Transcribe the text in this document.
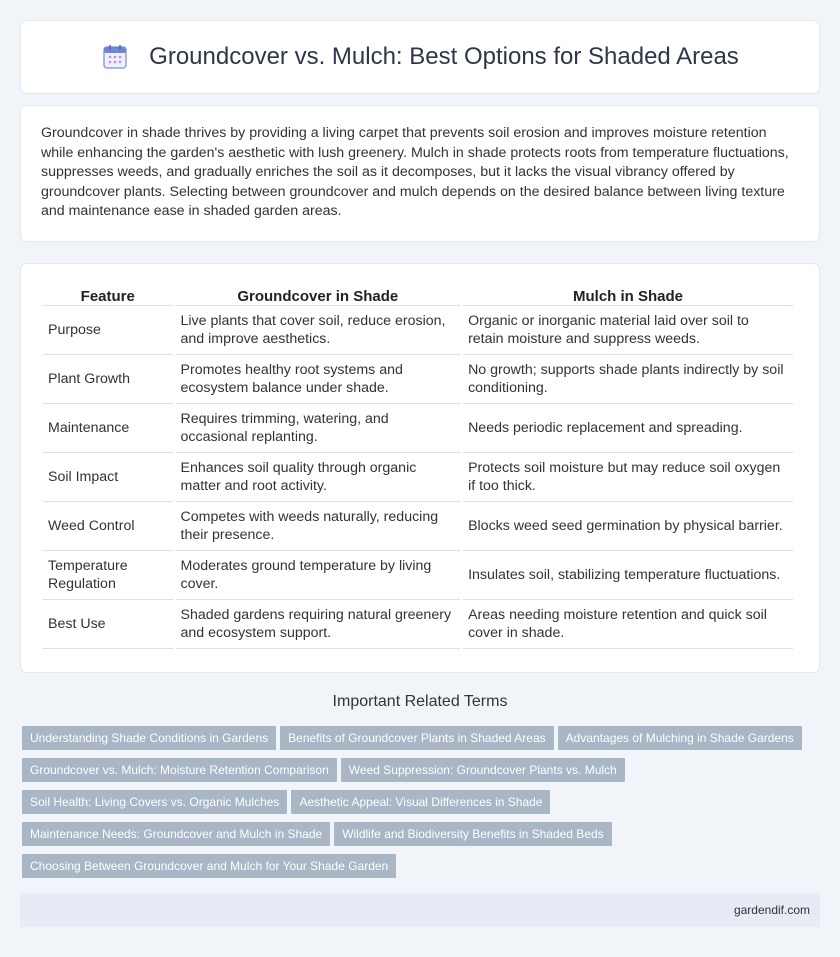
Groundcover vs. Mulch: Best Options for Shaded Areas

Groundcover in shade thrives by providing a living carpet that prevents soil erosion and improves moisture retention while enhancing the garden's aesthetic with lush greenery. Mulch in shade protects roots from temperature fluctuations, suppresses weeds, and gradually enriches the soil as it decomposes, but it lacks the visual vibrancy offered by groundcover plants. Selecting between groundcover and mulch depends on the desired balance between living texture and maintenance ease in shaded garden areas.

Feature	Groundcover in Shade	Mulch in Shade
Purpose	Live plants that cover soil, reduce erosion, and improve aesthetics.	Organic or inorganic material laid over soil to retain moisture and suppress weeds.
Plant Growth	Promotes healthy root systems and ecosystem balance under shade.	No growth; supports shade plants indirectly by soil conditioning.
Maintenance	Requires trimming, watering, and occasional replanting.	Needs periodic replacement and spreading.
Soil Impact	Enhances soil quality through organic matter and root activity.	Protects soil moisture but may reduce soil oxygen if too thick.
Weed Control	Competes with weeds naturally, reducing their presence.	Blocks weed seed germination by physical barrier.
Temperature Regulation	Moderates ground temperature by living cover.	Insulates soil, stabilizing temperature fluctuations.
Best Use	Shaded gardens requiring natural greenery and ecosystem support.	Areas needing moisture retention and quick soil cover in shade.
Important Related Terms
Understanding Shade Conditions in Gardens Benefits of Groundcover Plants in Shaded Areas Advantages of Mulching in Shade Gardens
Groundcover vs. Mulch: Moisture Retention Comparison Weed Suppression: Groundcover Plants vs. Mulch
Soil Health: Living Covers vs. Organic Mulches Aesthetic Appeal: Visual Differences in Shade
Maintenance Needs: Groundcover and Mulch in Shade Wildlife and Biodiversity Benefits in Shaded Beds
Choosing Between Groundcover and Mulch for Your Shade Garden
gardendif.com
